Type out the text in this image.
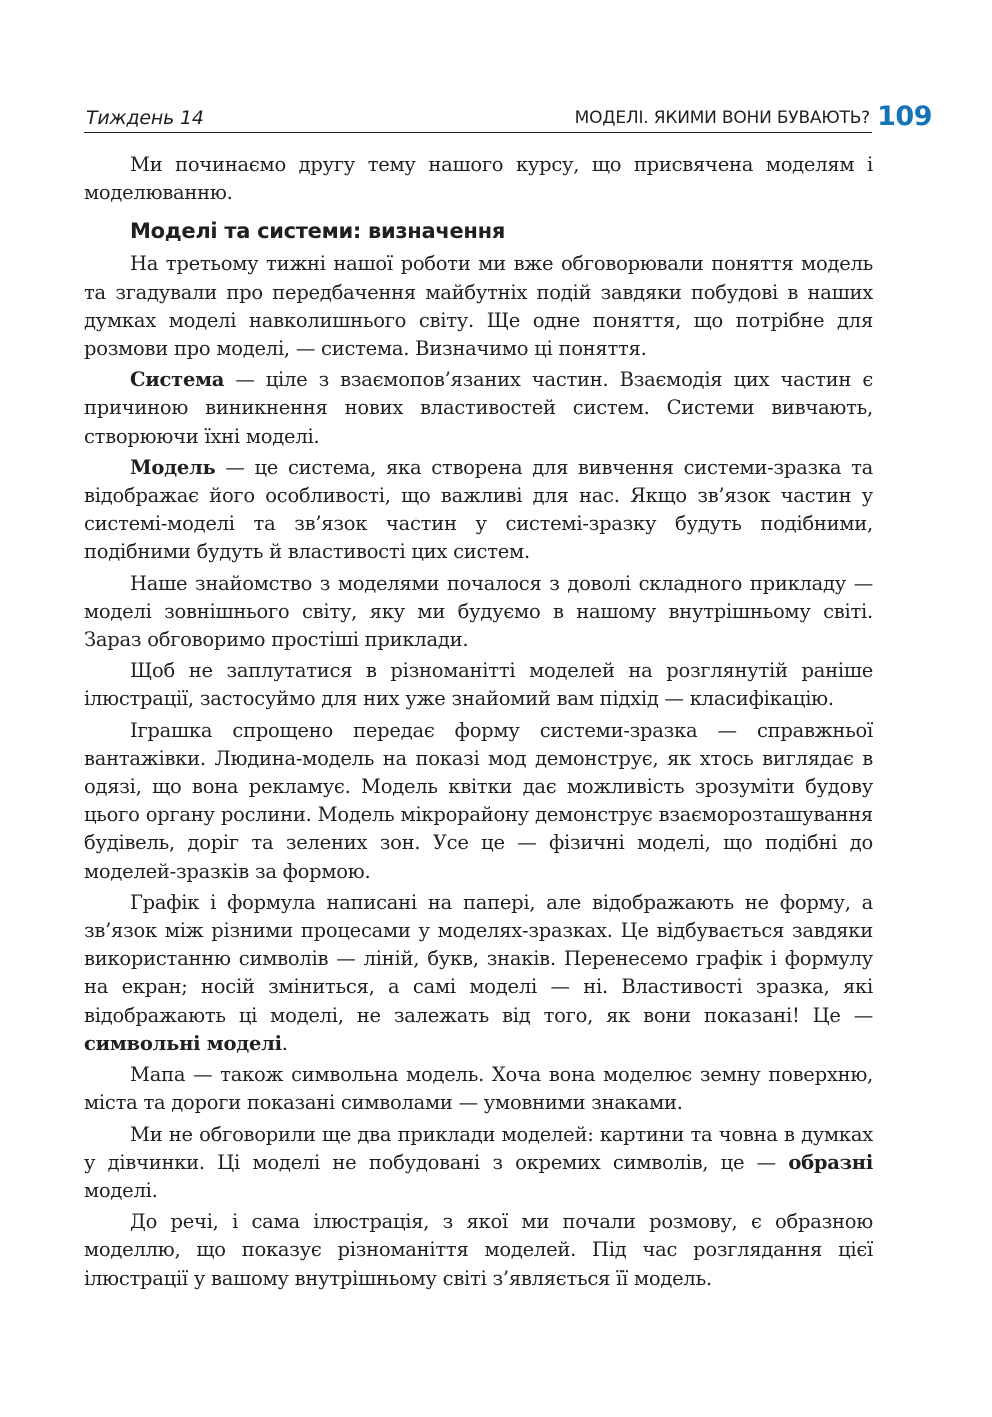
Тиждень 14	МОДЕЛІ. ЯКИМИ ВОНИ БУВАЮТЬ? 109

Ми починаємо другу тему нашого курсу, що присвячена моделям і моделюванню.

Моделі та системи: визначення

На третьому тижні нашої роботи ми вже обговорювали поняття модель та згадували про передбачення майбутніх подій завдяки побудові в наших думках моделі навколишнього світу. Ще одне поняття, що потрібне для розмови про моделі, — система. Визначимо ці поняття.

Система — ціле з взаємопов’язаних частин. Взаємодія цих частин є причиною виникнення нових властивостей систем. Системи вивчають, створюючи їхні моделі.

Модель — це система, яка створена для вивчення системи-зразка та відображає його особливості, що важливі для нас. Якщо зв’язок частин у системі-моделі та зв’язок частин у системі-зразку будуть подібними, подібними будуть й властивості цих систем.

Наше знайомство з моделями почалося з доволі складного прикладу — моделі зовнішнього світу, яку ми будуємо в нашому внутрішньому світі. Зараз обговоримо простіші приклади.

Щоб не заплутатися в різноманітті моделей на розглянутій раніше ілюстрації, застосуймо для них уже знайомий вам підхід — класифікацію.

Іграшка спрощено передає форму системи-зразка — справжньої вантажівки. Людина-модель на показі мод демонструє, як хтось виглядає в одязі, що вона рекламує. Модель квітки дає можливість зрозуміти будову цього органу рослини. Модель мікрорайону демонструє взаєморозташування будівель, доріг та зелених зон. Усе це — фізичні моделі, що подібні до моделей-зразків за формою.

Графік і формула написані на папері, але відображають не форму, а зв’язок між різними процесами у моделях-зразках. Це відбувається завдяки використанню символів — ліній, букв, знаків. Перенесемо графік і формулу на екран; носій зміниться, а самі моделі — ні. Властивості зразка, які відображають ці моделі, не залежать від того, як вони показані! Це — символьні моделі.

Мапа — також символьна модель. Хоча вона моделює земну поверхню, міста та дороги показані символами — умовними знаками.

Ми не обговорили ще два приклади моделей: картини та човна в думках у дівчинки. Ці моделі не побудовані з окремих символів, це — образні моделі.

До речі, і сама ілюстрація, з якої ми почали розмову, є образною моделлю, що показує різноманіття моделей. Під час розглядання цієї ілюстрації у вашому внутрішньому світі з’являється її модель.
